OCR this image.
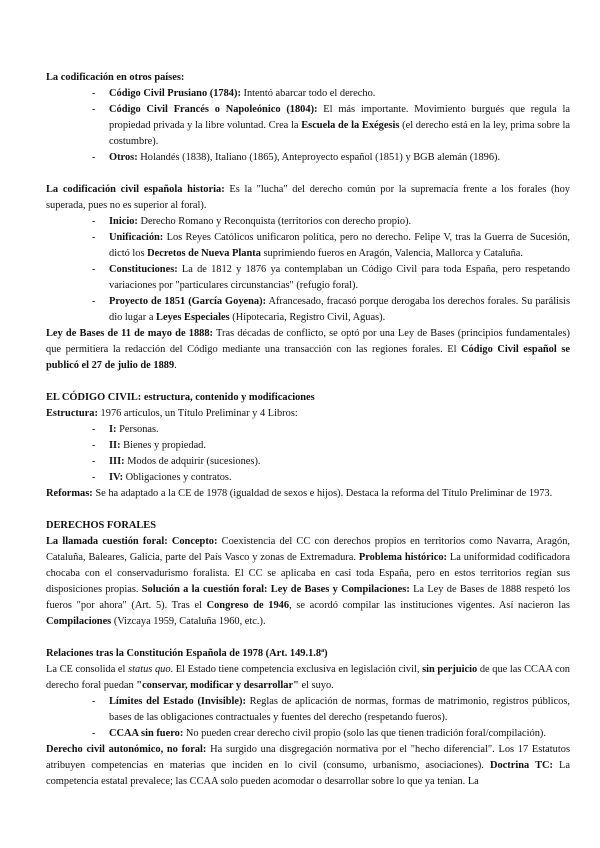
La codificación en otros países:

- Código Civil Prusiano (1784): Intentó abarcar todo el derecho.
- Código Civil Francés o Napoleónico (1804): El más importante. Movimiento burgués que regula la propiedad privada y la libre voluntad. Crea la Escuela de la Exégesis (el derecho está en la ley, prima sobre la costumbre).
- Otros: Holandés (1838), Italiano (1865), Anteproyecto español (1851) y BGB alemán (1896).

La codificación civil española historia: Es la "lucha" del derecho común por la supremacía frente a los forales (hoy superada, pues no es superior al foral).

- Inicio: Derecho Romano y Reconquista (territorios con derecho propio).
- Unificación: Los Reyes Católicos unificaron política, pero no derecho. Felipe V, tras la Guerra de Sucesión, dictó los Decretos de Nueva Planta suprimiendo fueros en Aragón, Valencia, Mallorca y Cataluña.
- Constituciones: La de 1812 y 1876 ya contemplaban un Código Civil para toda España, pero respetando variaciones por "particulares circunstancias" (refugio foral).
- Proyecto de 1851 (García Goyena): Afrancesado, fracasó porque derogaba los derechos forales. Su parálisis dio lugar a Leyes Especiales (Hipotecaria, Registro Civil, Aguas).

Ley de Bases de 11 de mayo de 1888: Tras décadas de conflicto, se optó por una Ley de Bases (principios fundamentales) que permitiera la redacción del Código mediante una transacción con las regiones forales. El Código Civil español se publicó el 27 de julio de 1889.

EL CÓDIGO CIVIL: estructura, contenido y modificaciones

Estructura: 1976 artículos, un Título Preliminar y 4 Libros:

- I: Personas.
- II: Bienes y propiedad.
- III: Modos de adquirir (sucesiones).
- IV: Obligaciones y contratos.

Reformas: Se ha adaptado a la CE de 1978 (igualdad de sexos e hijos). Destaca la reforma del Título Preliminar de 1973.

DERECHOS FORALES

La llamada cuestión foral: Concepto: Coexistencia del CC con derechos propios en territorios como Navarra, Aragón, Cataluña, Baleares, Galicia, parte del País Vasco y zonas de Extremadura. Problema histórico: La uniformidad codificadora chocaba con el conservadurismo foralista. El CC se aplicaba en casi toda España, pero en estos territorios regían sus disposiciones propias. Solución a la cuestión foral: Ley de Bases y Compilaciones: La Ley de Bases de 1888 respetó los fueros "por ahora" (Art. 5). Tras el Congreso de 1946, se acordó compilar las instituciones vigentes. Así nacieron las Compilaciones (Vizcaya 1959, Cataluña 1960, etc.).

Relaciones tras la Constitución Española de 1978 (Art. 149.1.8ª)

La CE consolida el status quo. El Estado tiene competencia exclusiva en legislación civil, sin perjuicio de que las CCAA con derecho foral puedan "conservar, modificar y desarrollar" el suyo.

- Límites del Estado (Invisible): Reglas de aplicación de normas, formas de matrimonio, registros públicos, bases de las obligaciones contractuales y fuentes del derecho (respetando fueros).
- CCAA sin fuero: No pueden crear derecho civil propio (solo las que tienen tradición foral/compilación).

Derecho civil autonómico, no foral: Ha surgido una disgregación normativa por el "hecho diferencial". Los 17 Estatutos atribuyen competencias en materias que inciden en lo civil (consumo, urbanismo, asociaciones). Doctrina TC: La competencia estatal prevalece; las CCAA solo pueden acomodar o desarrollar sobre lo que ya tenían. La
